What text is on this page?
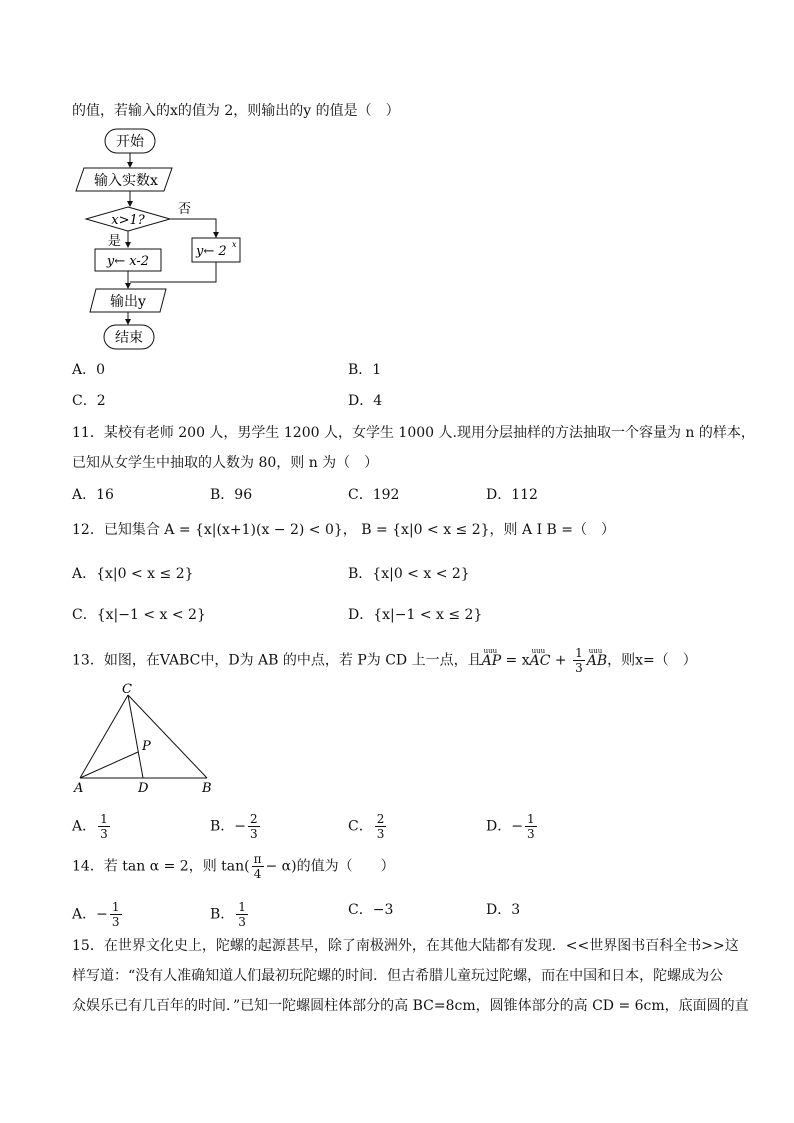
的值，若输入的x的值为 2，则输出的y 的值是（　）
开始
输入实数x
x>1?
否
是
y← x-2
y← 2 x
输出y
结束
A．0	B．1
C．2	D．4
11．某校有老师 200 人，男学生 1200 人，女学生 1000 人.现用分层抽样的方法抽取一个容量为 n 的样本，
已知从女学生中抽取的人数为 80，则 n 为（　）
A．16	B．96	C．192	D．112
12．已知集合 A = {x|(x+1)(x − 2) < 0}， B = {x|0 < x ≤ 2}，则 A I B =（　）
A．{x|0 < x ≤ 2}	B．{x|0 < x < 2}
C．{x|−1 < x < 2}	D．{x|−1 < x ≤ 2}
13．如图，在VABC中，D为 AB 的中点，若 P为 CD 上一点，且
uuu
AP = x
uuu
AC + $\frac{1}{3}$ uuu
AB，则x=（　）
C
P
A	D	B
A． $\frac{1}{3}$	B．− $\frac{2}{3}$	C． $\frac{2}{3}$	D．− $\frac{1}{3}$
14．若 tan α = 2，则 $\tan( \frac{\pi}{4} - \alpha)$的值为（　　）
A．− $\frac{1}{3}$	B． $\frac{1}{3}$	C．−3	D．3
15．在世界文化史上，陀螺的起源甚早，除了南极洲外，在其他大陆都有发现．<<世界图书百科全书>>这
样写道：“没有人准确知道人们最初玩陀螺的时间．但古希腊儿童玩过陀螺，而在中国和日本，陀螺成为公
众娱乐已有几百年的时间．”已知一陀螺圆柱体部分的高 BC=8cm，圆锥体部分的高 CD = 6cm，底面圆的直
